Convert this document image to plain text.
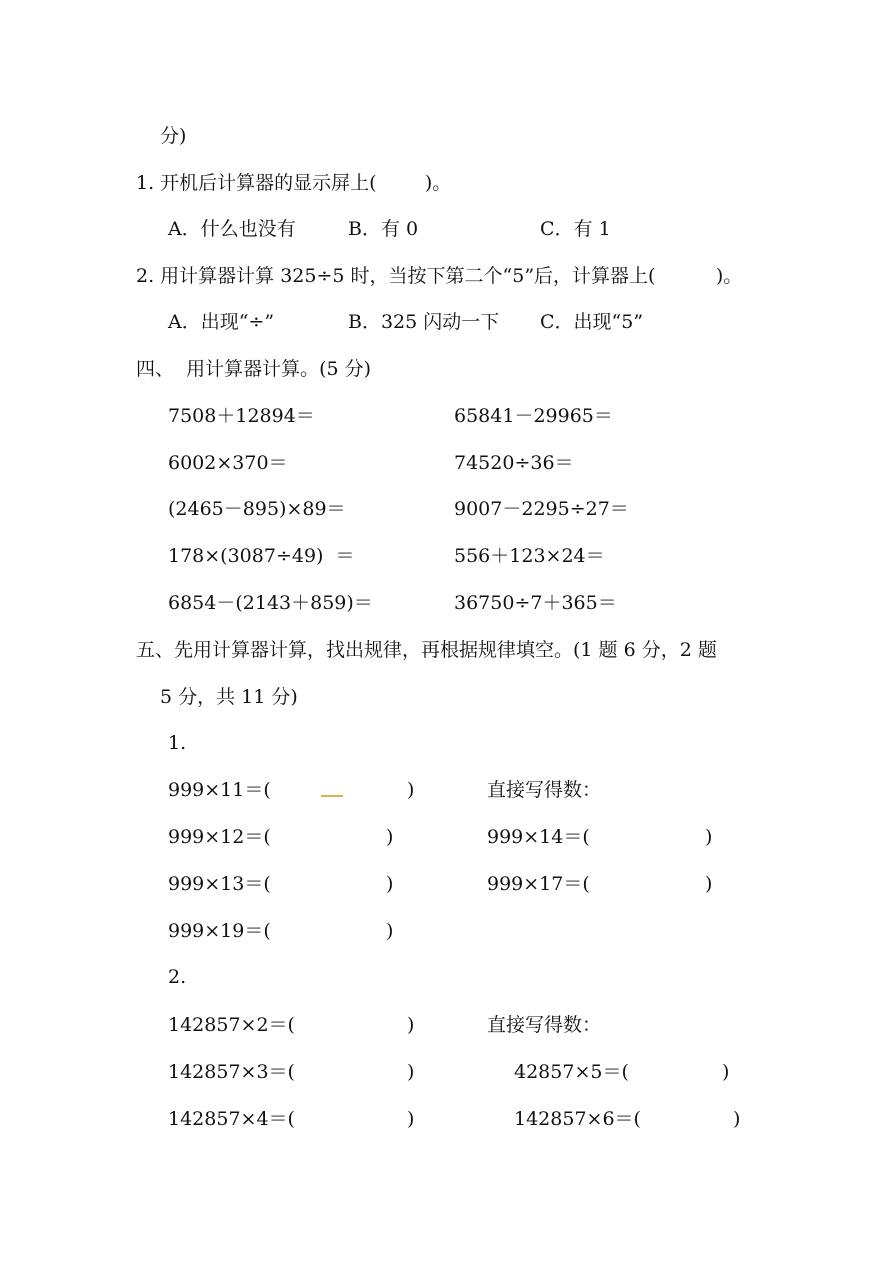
分)
1. 开机后计算器的显示屏上(        )。
A．什么也没有	B．有 0	C．有 1
2. 用计算器计算 325÷5 时，当按下第二个“5”后，计算器上(          )。
A．出现“÷”	B．325 闪动一下 C．出现“5”
四、  用计算器计算。(5 分)
7508＋12894＝	65841－29965＝
6002×370＝	74520÷36＝
(2465－895)×89＝	9007－2295÷27＝
178×(3087÷49)  ＝	556＋123×24＝
6854－(2143＋859)＝	36750÷7＋365＝
五、先用计算器计算，找出规律，再根据规律填空。(1 题 6 分，2 题
5 分，共 11 分)
1.
999×11＝(	)	直接写得数：
999×12＝(	)	999×14＝(	)
999×13＝(	)	999×17＝(	)
999×19＝(	)
2.
142857×2＝(	)	直接写得数：
142857×3＝(	)	42857×5＝(	)
142857×4＝(	)	142857×6＝(	)
